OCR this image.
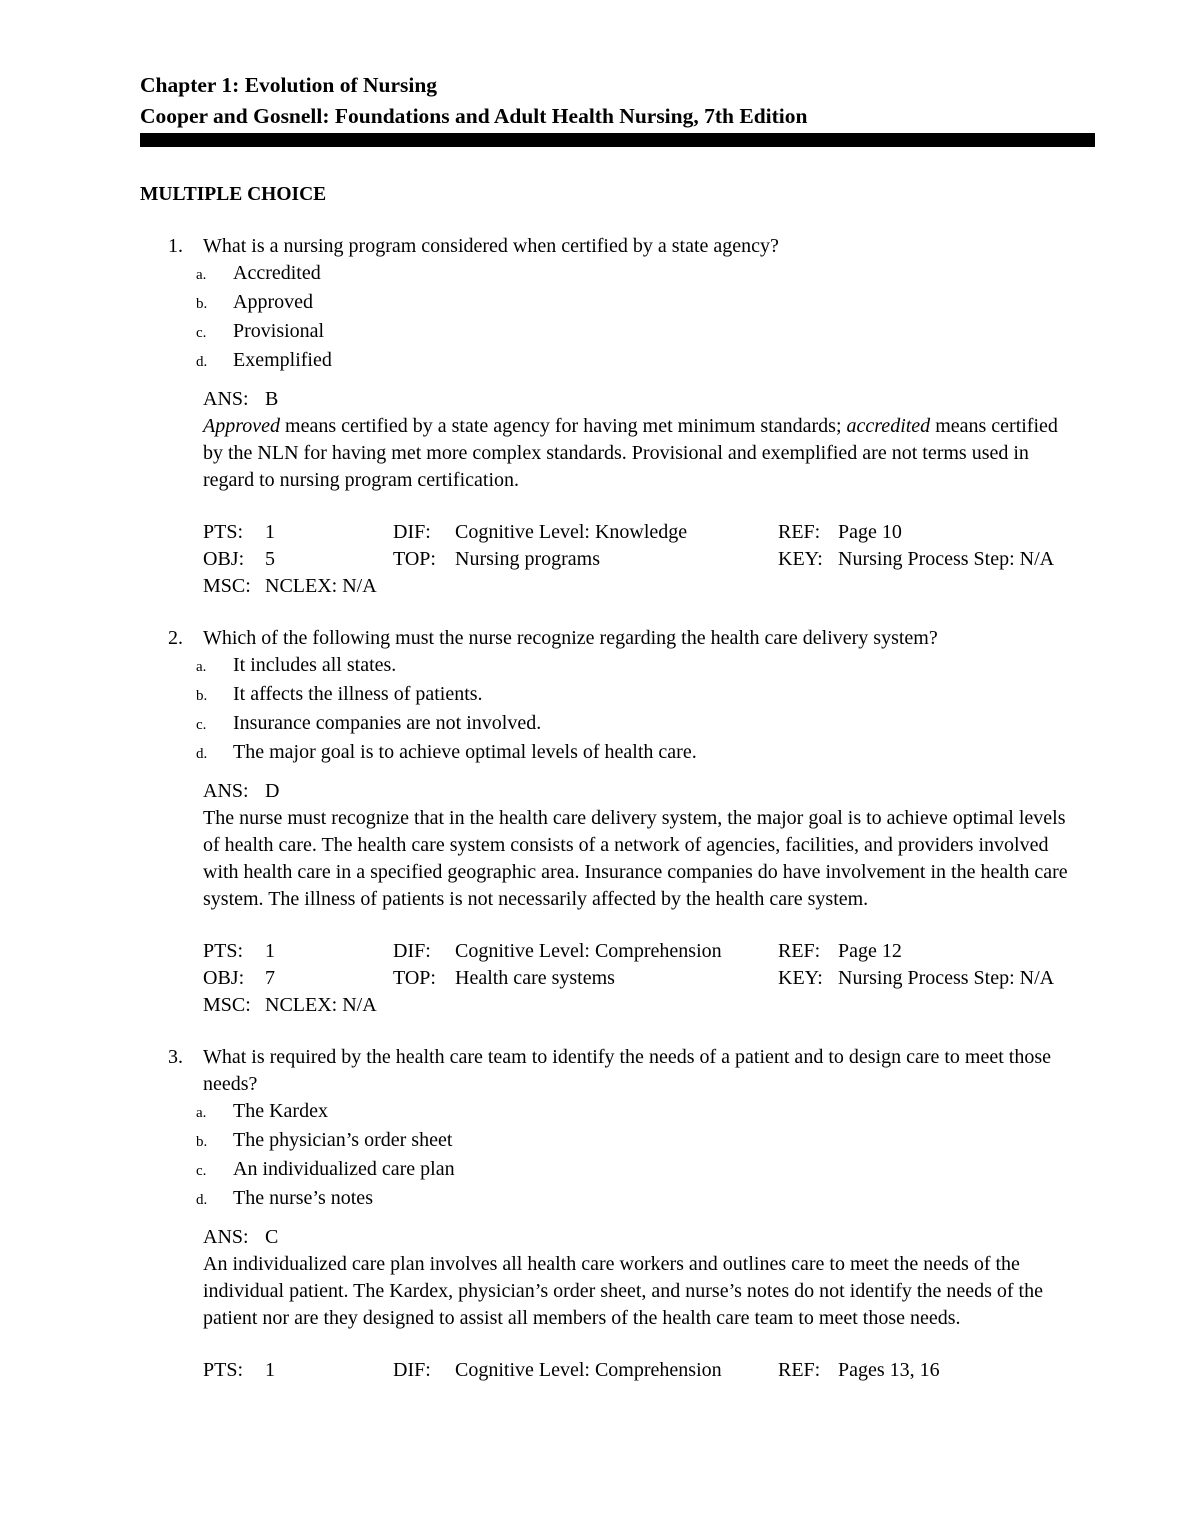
Chapter 1: Evolution of Nursing
Cooper and Gosnell: Foundations and Adult Health Nursing, 7th Edition
MULTIPLE CHOICE
1.	What is a nursing program considered when certified by a state agency?
a.	Accredited
b.	Approved
c.	Provisional
d.	Exemplified
ANS: B
Approved means certified by a state agency for having met minimum standards; accredited means certified by the NLN for having met more complex standards. Provisional and exemplified are not terms used in regard to nursing program certification.
PTS: 1	DIF: Cognitive Level: Knowledge	REF: Page 10
OBJ: 5	TOP: Nursing programs	KEY: Nursing Process Step: N/A
MSC: NCLEX: N/A
2.	Which of the following must the nurse recognize regarding the health care delivery system?
a.	It includes all states.
b.	It affects the illness of patients.
c.	Insurance companies are not involved.
d.	The major goal is to achieve optimal levels of health care.
ANS: D
The nurse must recognize that in the health care delivery system, the major goal is to achieve optimal levels of health care. The health care system consists of a network of agencies, facilities, and providers involved with health care in a specified geographic area. Insurance companies do have involvement in the health care system. The illness of patients is not necessarily affected by the health care system.
PTS: 1	DIF: Cognitive Level: Comprehension	REF: Page 12
OBJ: 7	TOP: Health care systems	KEY: Nursing Process Step: N/A
MSC: NCLEX: N/A
3.	What is required by the health care team to identify the needs of a patient and to design care to meet those needs?
a.	The Kardex
b.	The physician’s order sheet
c.	An individualized care plan
d.	The nurse’s notes
ANS: C
An individualized care plan involves all health care workers and outlines care to meet the needs of the individual patient. The Kardex, physician’s order sheet, and nurse’s notes do not identify the needs of the patient nor are they designed to assist all members of the health care team to meet those needs.
PTS: 1	DIF: Cognitive Level: Comprehension	REF: Pages 13, 16
